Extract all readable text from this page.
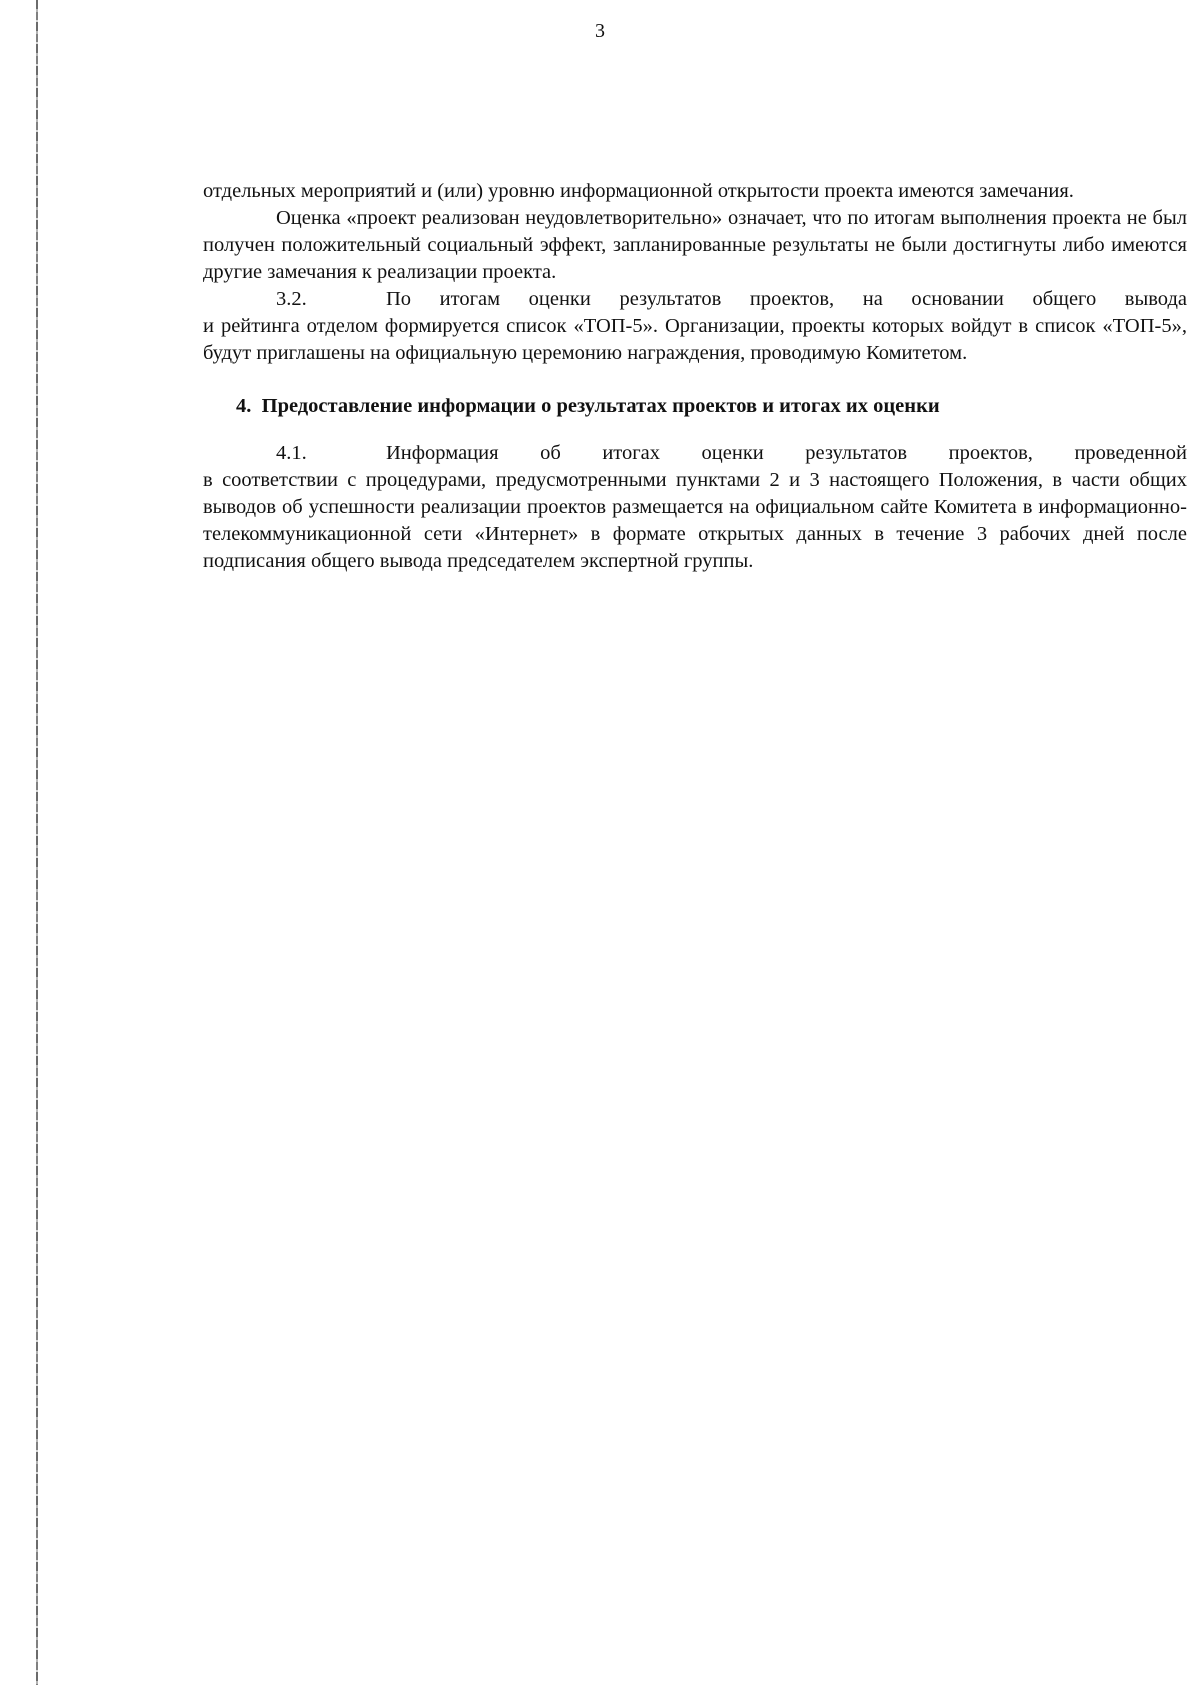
3

отдельных мероприятий и (или) уровню информационной открытости проекта имеются замечания.

Оценка «проект реализован неудовлетворительно» означает, что по итогам выполнения проекта не был получен положительный социальный эффект, запланированные результаты не были достигнуты либо имеются другие замечания к реализации проекта.

3.2.	По итогам оценки результатов проектов, на основании общего вывода
и рейтинга отделом формируется список «ТОП-5». Организации, проекты которых войдут в список «ТОП-5», будут приглашены на официальную церемонию награждения, проводимую Комитетом.

4.  Предоставление информации о результатах проектов и итогах их оценки

4.1.	Информация об итогах оценки результатов проектов, проведенной
в соответствии с процедурами, предусмотренными пунктами 2 и 3 настоящего Положения, в части общих выводов об успешности реализации проектов размещается на официальном сайте Комитета в информационно-телекоммуникационной сети «Интернет» в формате открытых данных в течение 3 рабочих дней после подписания общего вывода председателем экспертной группы.
